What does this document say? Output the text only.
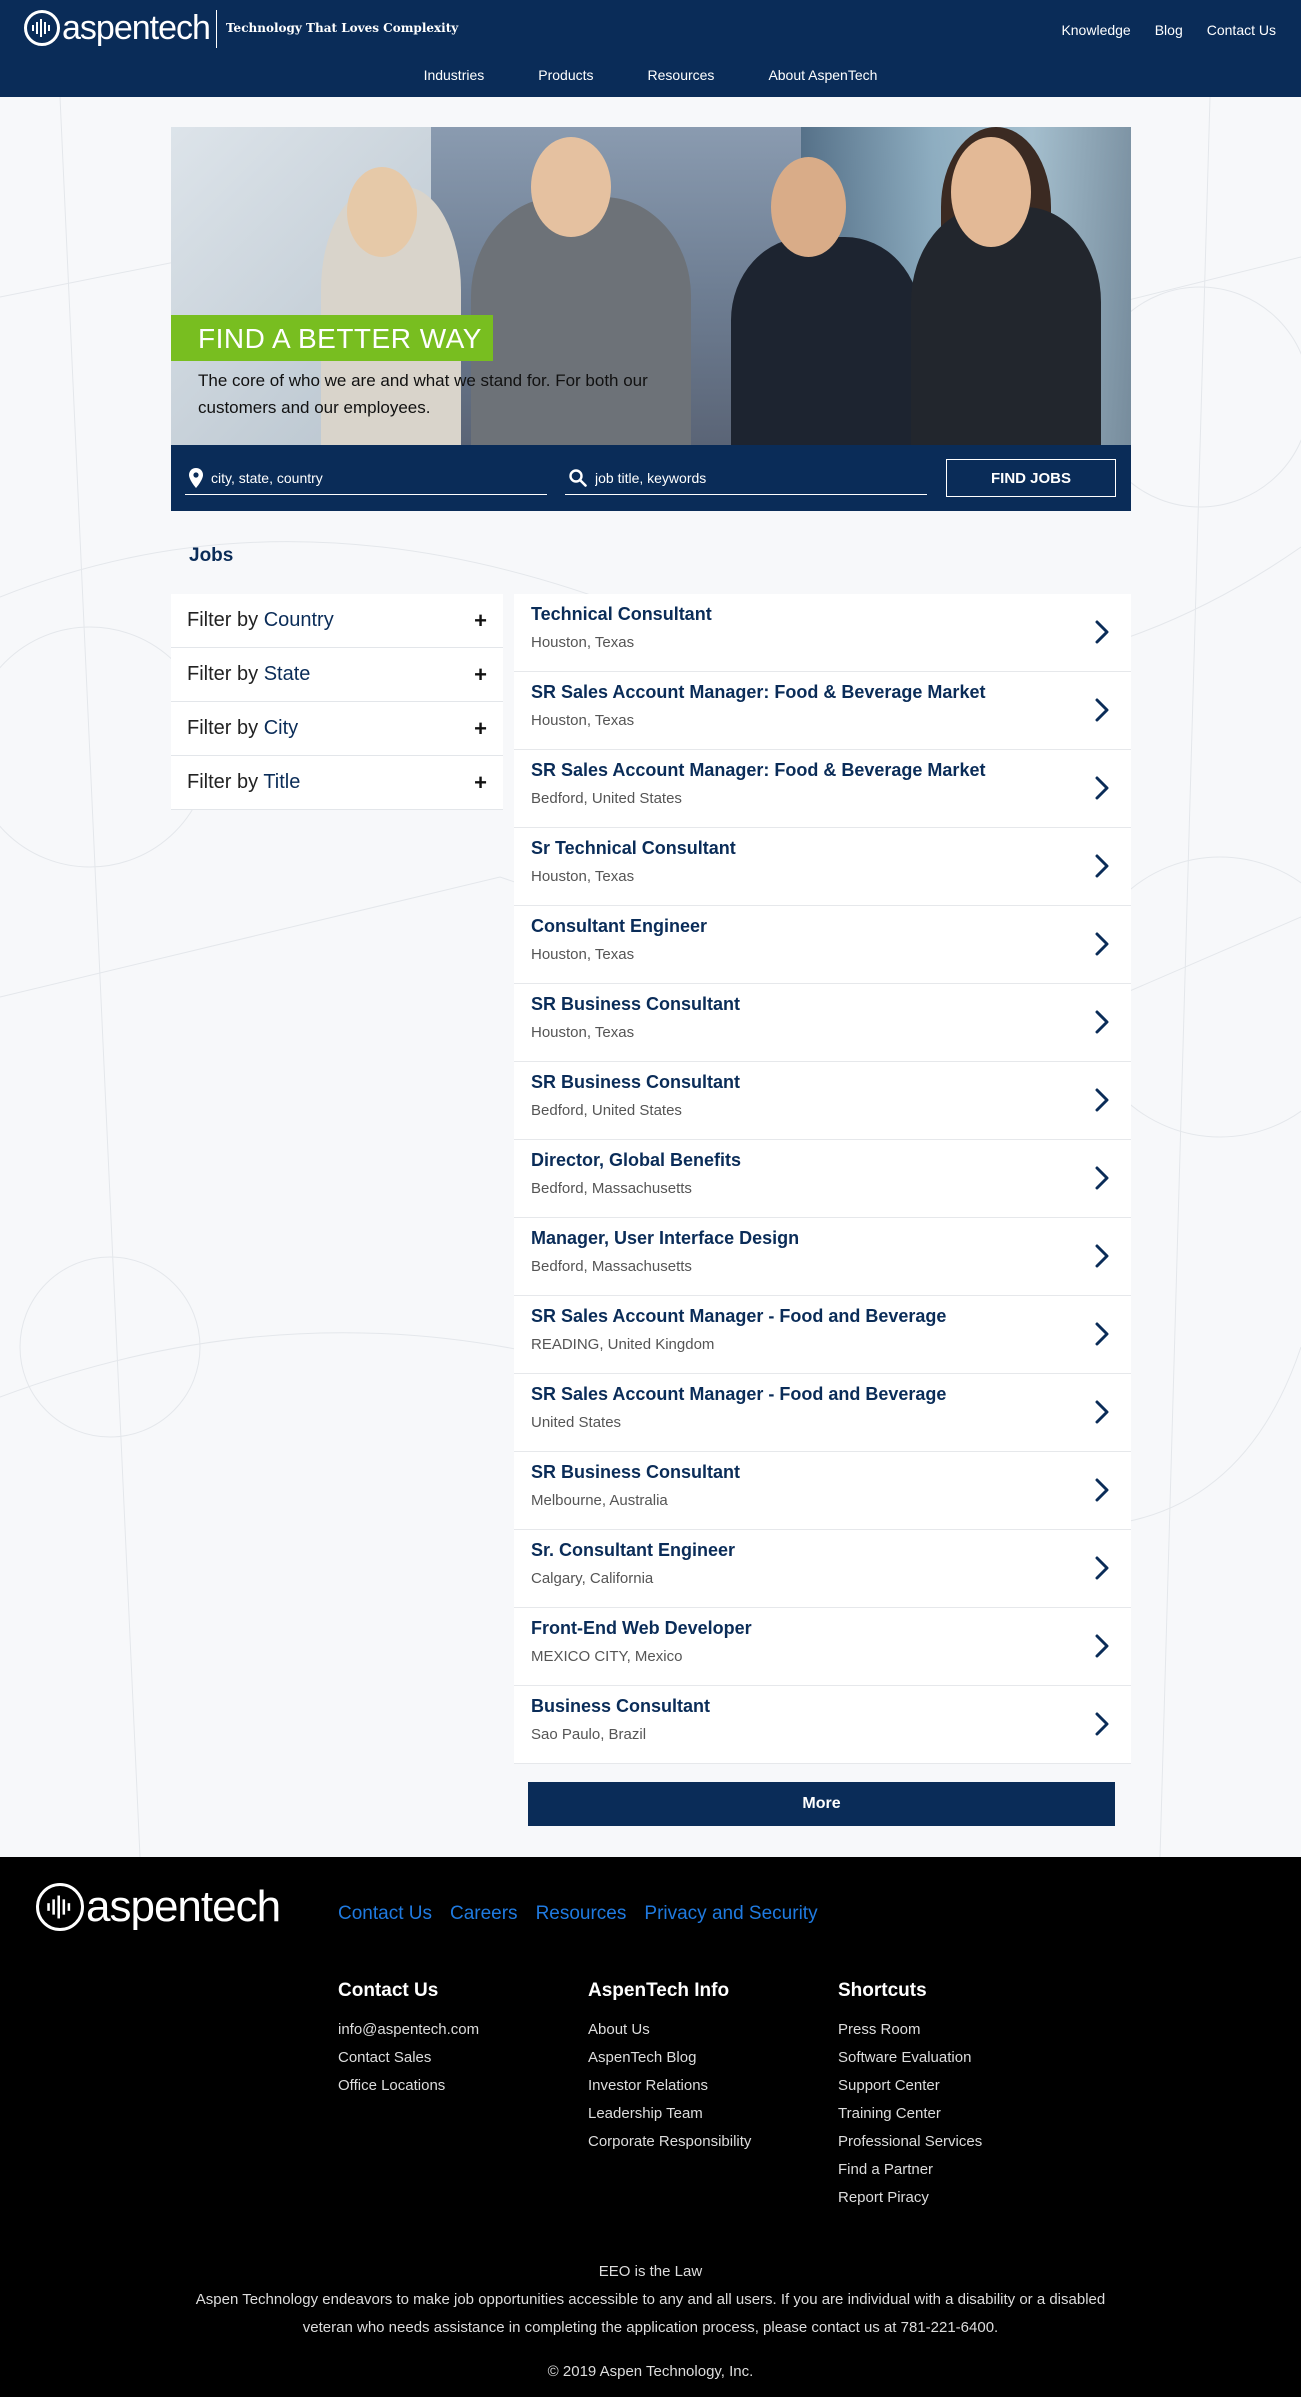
aspentech Technology That Loves Complexity	Knowledge Blog Contact Us
Industries	Products	Resources	About AspenTech
FIND A BETTER WAY

The core of who we are and what we stand for. For both our customers and our employees.

city, state, country
job title, keywords
FIND JOBS
Jobs
Filter by Country	+
Filter by State	+
Filter by City	+
Filter by Title	+
Technical Consultant
Houston, Texas
SR Sales Account Manager: Food & Beverage Market
Houston, Texas
SR Sales Account Manager: Food & Beverage Market
Bedford, United States
Sr Technical Consultant
Houston, Texas
Consultant Engineer
Houston, Texas
SR Business Consultant
Houston, Texas
SR Business Consultant
Bedford, United States
Director, Global Benefits
Bedford, Massachusetts
Manager, User Interface Design
Bedford, Massachusetts
SR Sales Account Manager - Food and Beverage
READING, United Kingdom
SR Sales Account Manager - Food and Beverage
United States
SR Business Consultant
Melbourne, Australia
Sr. Consultant Engineer
Calgary, California
Front-End Web Developer
MEXICO CITY, Mexico
Business Consultant
Sao Paulo, Brazil
More
aspentech	Contact Us Careers Resources Privacy and Security
Contact Us
info@aspentech.com
Contact Sales
Office Locations
AspenTech Info
About Us
AspenTech Blog
Investor Relations
Leadership Team
Corporate Responsibility
Shortcuts
Press Room
Software Evaluation
Support Center
Training Center
Professional Services
Find a Partner
Report Piracy
EEO is the Law

Aspen Technology endeavors to make job opportunities accessible to any and all users. If you are individual with a disability or a disabled veteran who needs assistance in completing the application process, please contact us at 781-221-6400.

© 2019 Aspen Technology, Inc.
